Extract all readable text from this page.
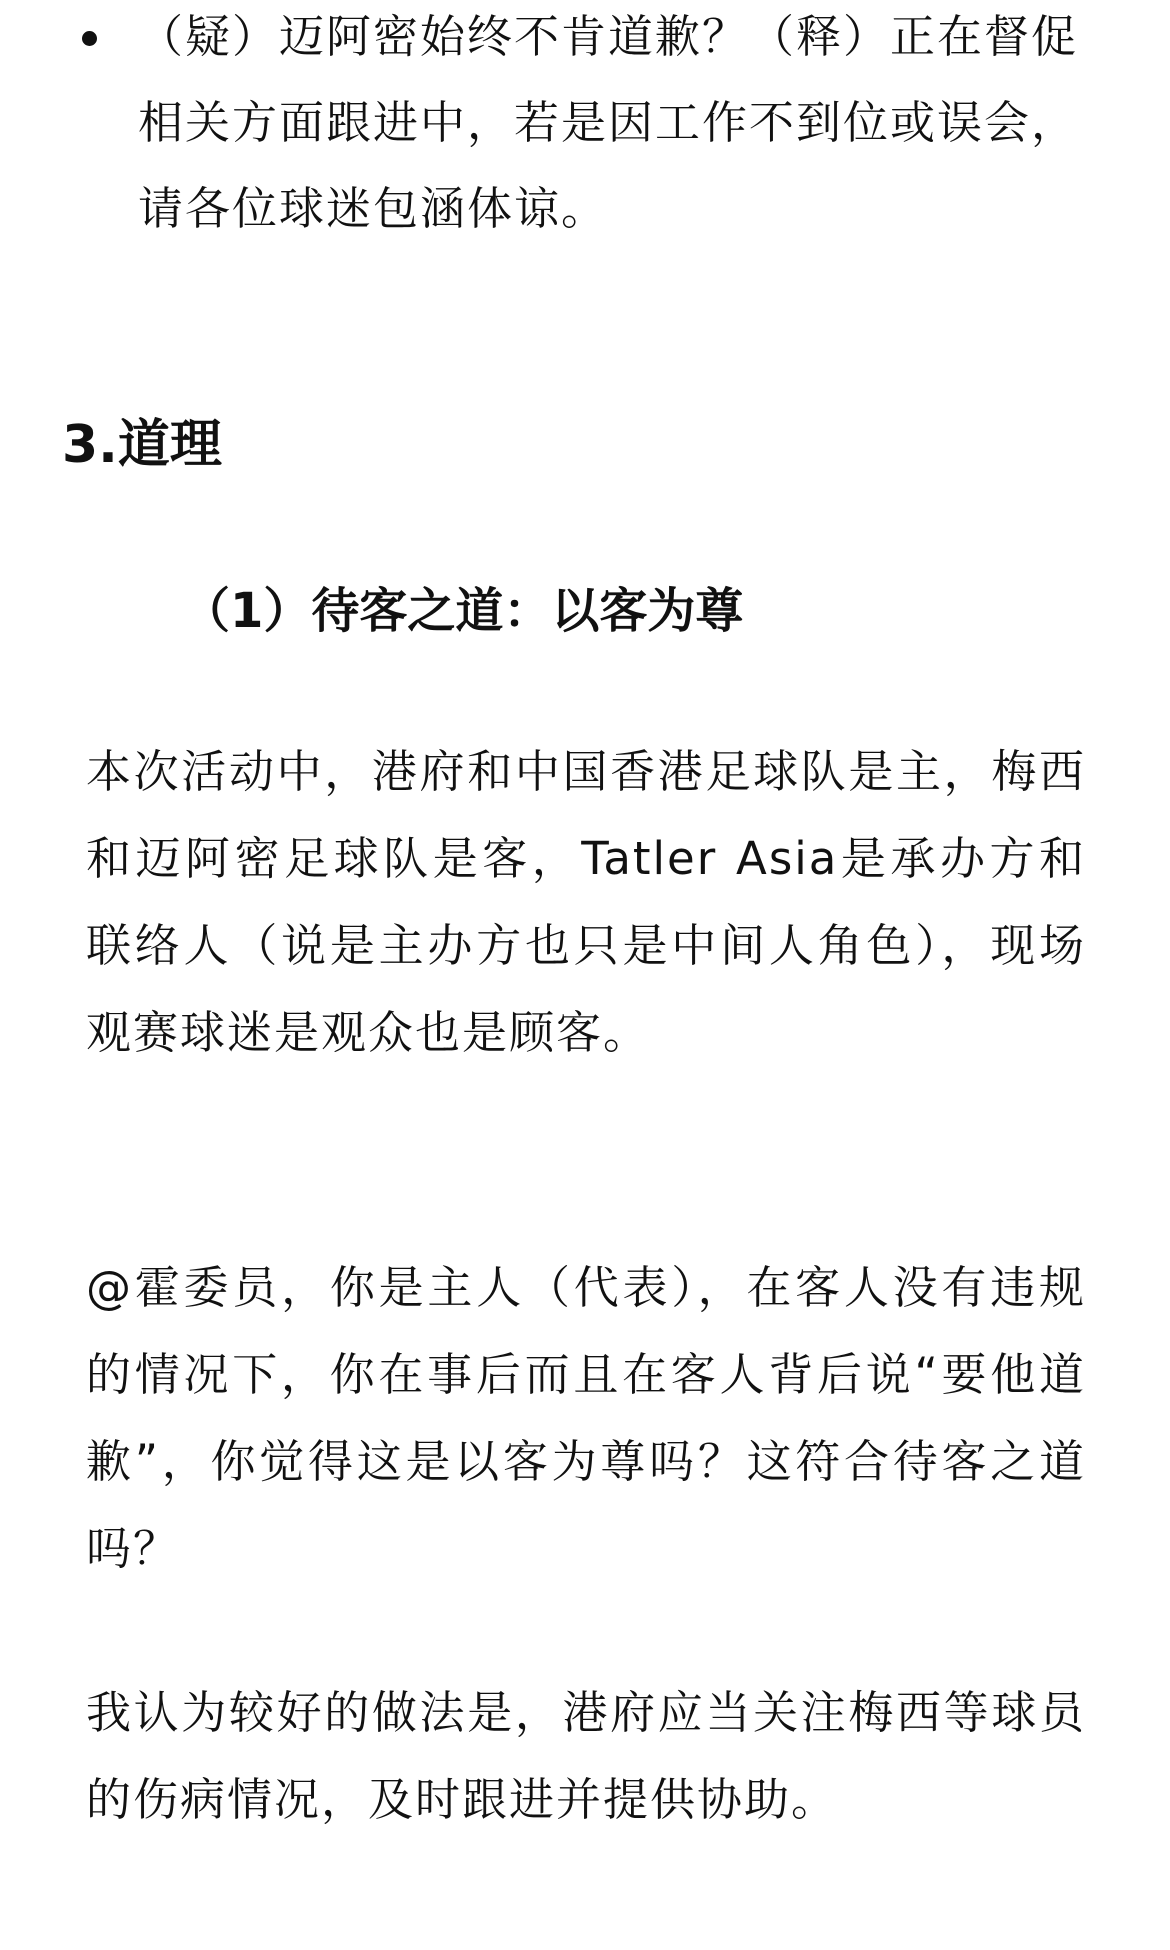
（疑）迈阿密始终不肯道歉？（释）正在督促相关方面跟进中，若是因工作不到位或误会，请各位球迷包涵体谅。

3.道理
（1）待客之道：以客为尊

本次活动中，港府和中国香港足球队是主，梅西和迈阿密足球队是客，Tatler Asia是承办方和联络人（说是主办方也只是中间人角色），现场观赛球迷是观众也是顾客。

@霍委员，你是主人（代表），在客人没有违规的情况下，你在事后而且在客人背后说“要他道歉”，你觉得这是以客为尊吗？这符合待客之道吗？

我认为较好的做法是，港府应当关注梅西等球员的伤病情况，及时跟进并提供协助。
